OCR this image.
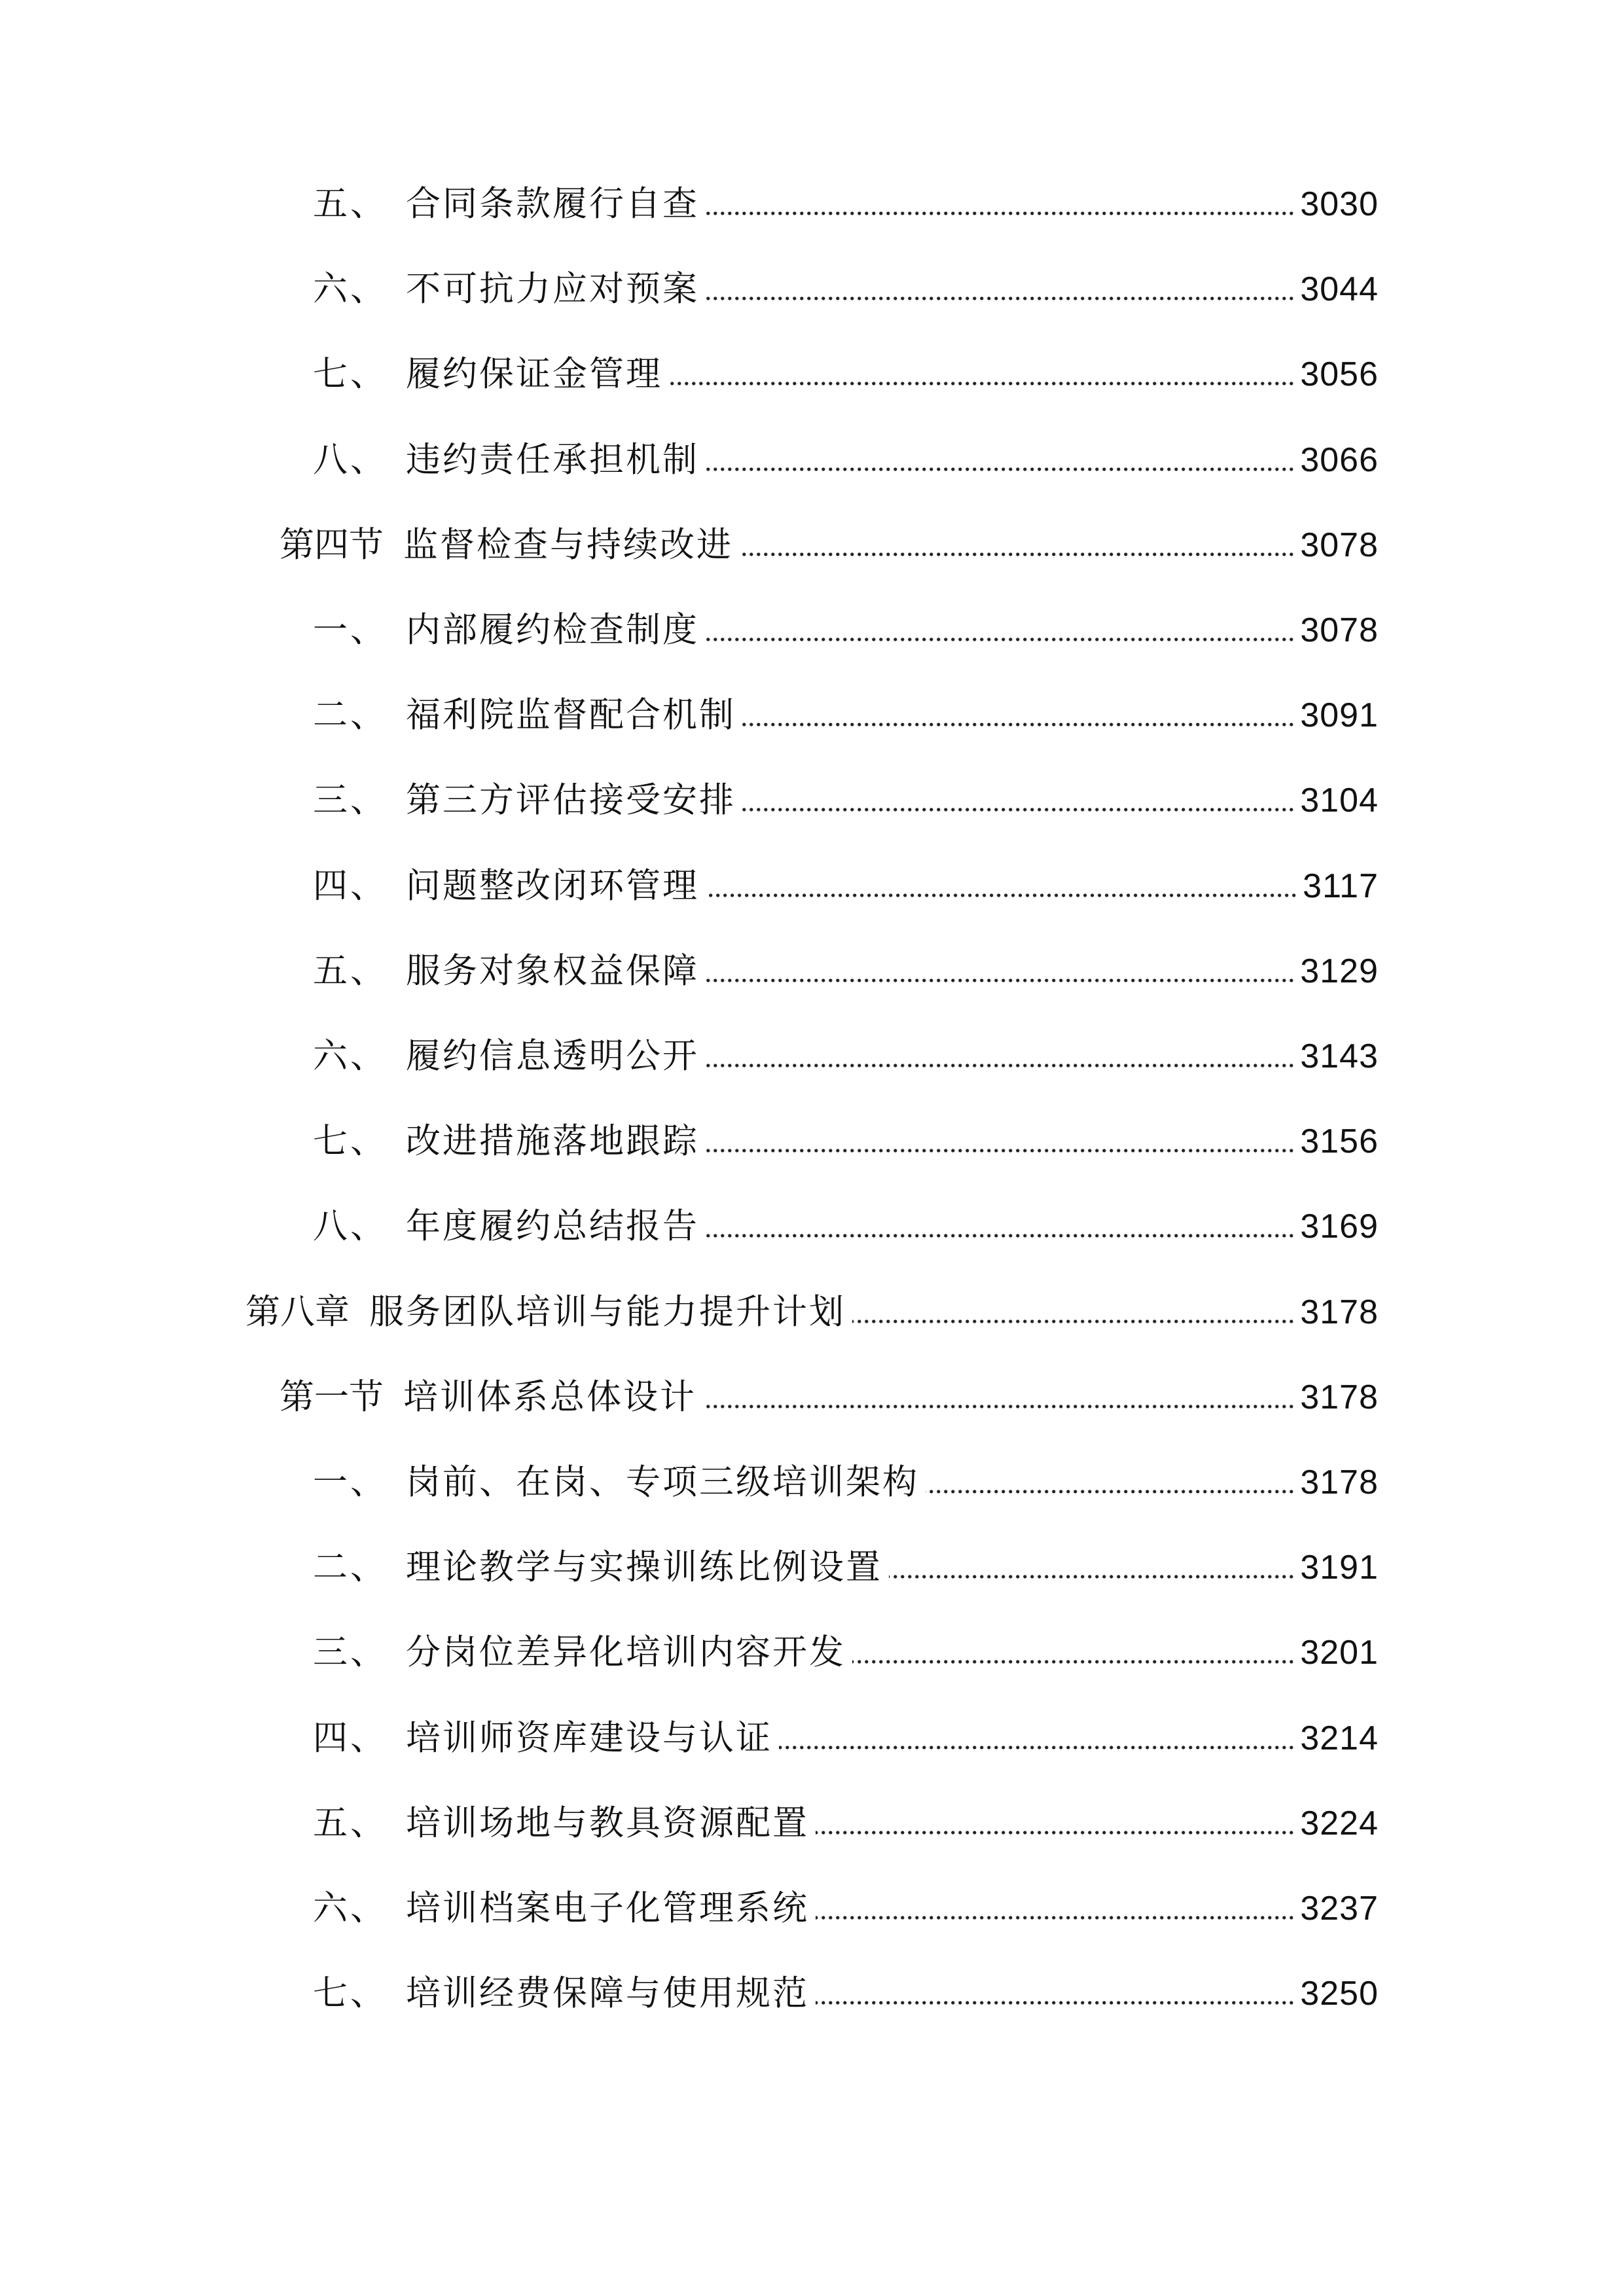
五、 合同条款履行自查	3030
六、 不可抗力应对预案	3044
七、 履约保证金管理	3056
八、 违约责任承担机制	3066
第四节 监督检查与持续改进	3078
一、 内部履约检查制度	3078
二、 福利院监督配合机制	3091
三、 第三方评估接受安排	3104
四、 问题整改闭环管理	3117
五、 服务对象权益保障	3129
六、 履约信息透明公开	3143
七、 改进措施落地跟踪	3156
八、 年度履约总结报告	3169
第八章 服务团队培训与能力提升计划	3178
第一节 培训体系总体设计	3178
一、 岗前、在岗、专项三级培训架构	3178
二、 理论教学与实操训练比例设置	3191
三、 分岗位差异化培训内容开发	3201
四、 培训师资库建设与认证	3214
五、 培训场地与教具资源配置	3224
六、 培训档案电子化管理系统	3237
七、 培训经费保障与使用规范	3250
